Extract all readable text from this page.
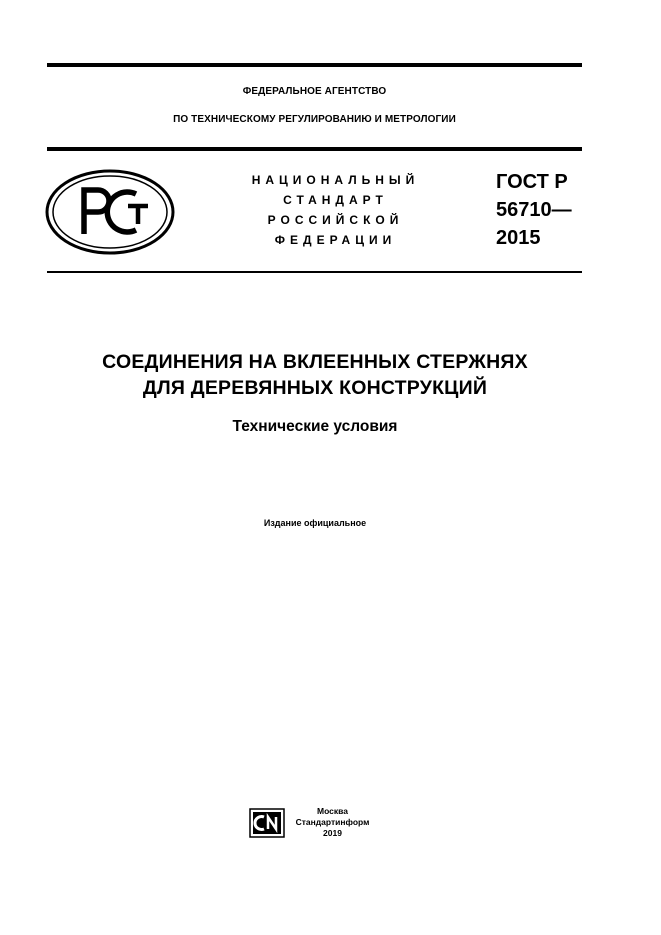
ФЕДЕРАЛЬНОЕ АГЕНТСТВО
ПО ТЕХНИЧЕСКОМУ РЕГУЛИРОВАНИЮ И МЕТРОЛОГИИ
НАЦИОНАЛЬНЫЙ
СТАНДАРТ
РОССИЙСКОЙ
ФЕДЕРАЦИИ
ГОСТ Р
56710—
2015
СОЕДИНЕНИЯ НА ВКЛЕЕННЫХ СТЕРЖНЯХ
ДЛЯ ДЕРЕВЯННЫХ КОНСТРУКЦИЙ
Технические условия
Издание официальное
Москва
Стандартинформ
2019
